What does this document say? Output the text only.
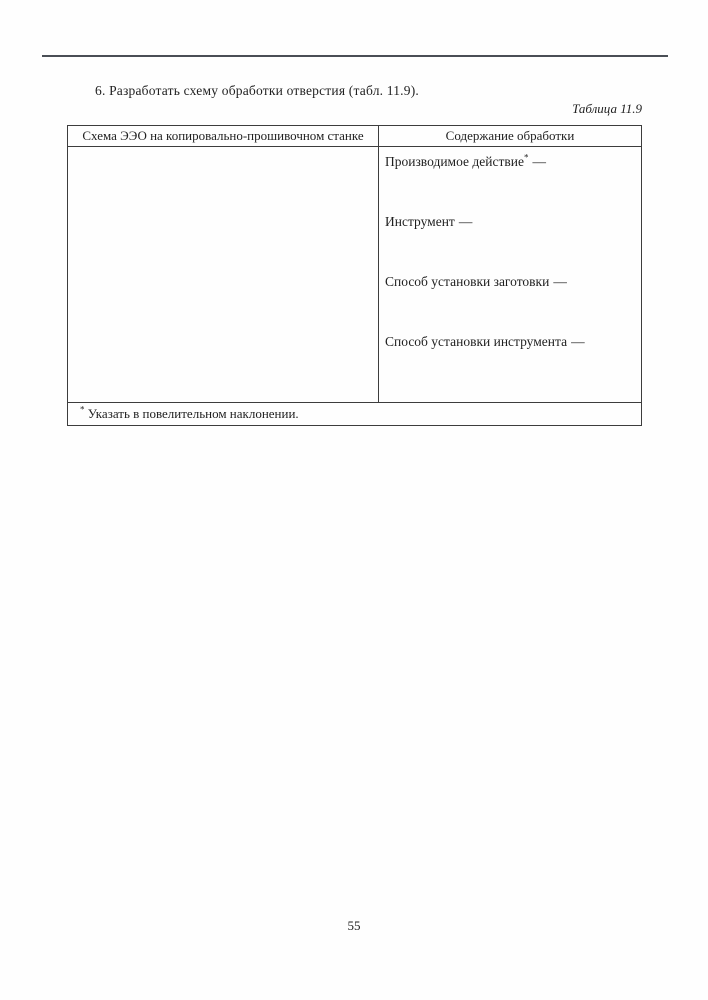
6. Разработать схему обработки отверстия (табл. 11.9).

Таблица 11.9

Схема ЭЭО на копировально-прошивочном станке	Содержание обработки
Производимое действие* —
Инструмент —
Способ установки заготовки —
Способ установки инструмента —
* Указать в повелительном наклонении.
55
